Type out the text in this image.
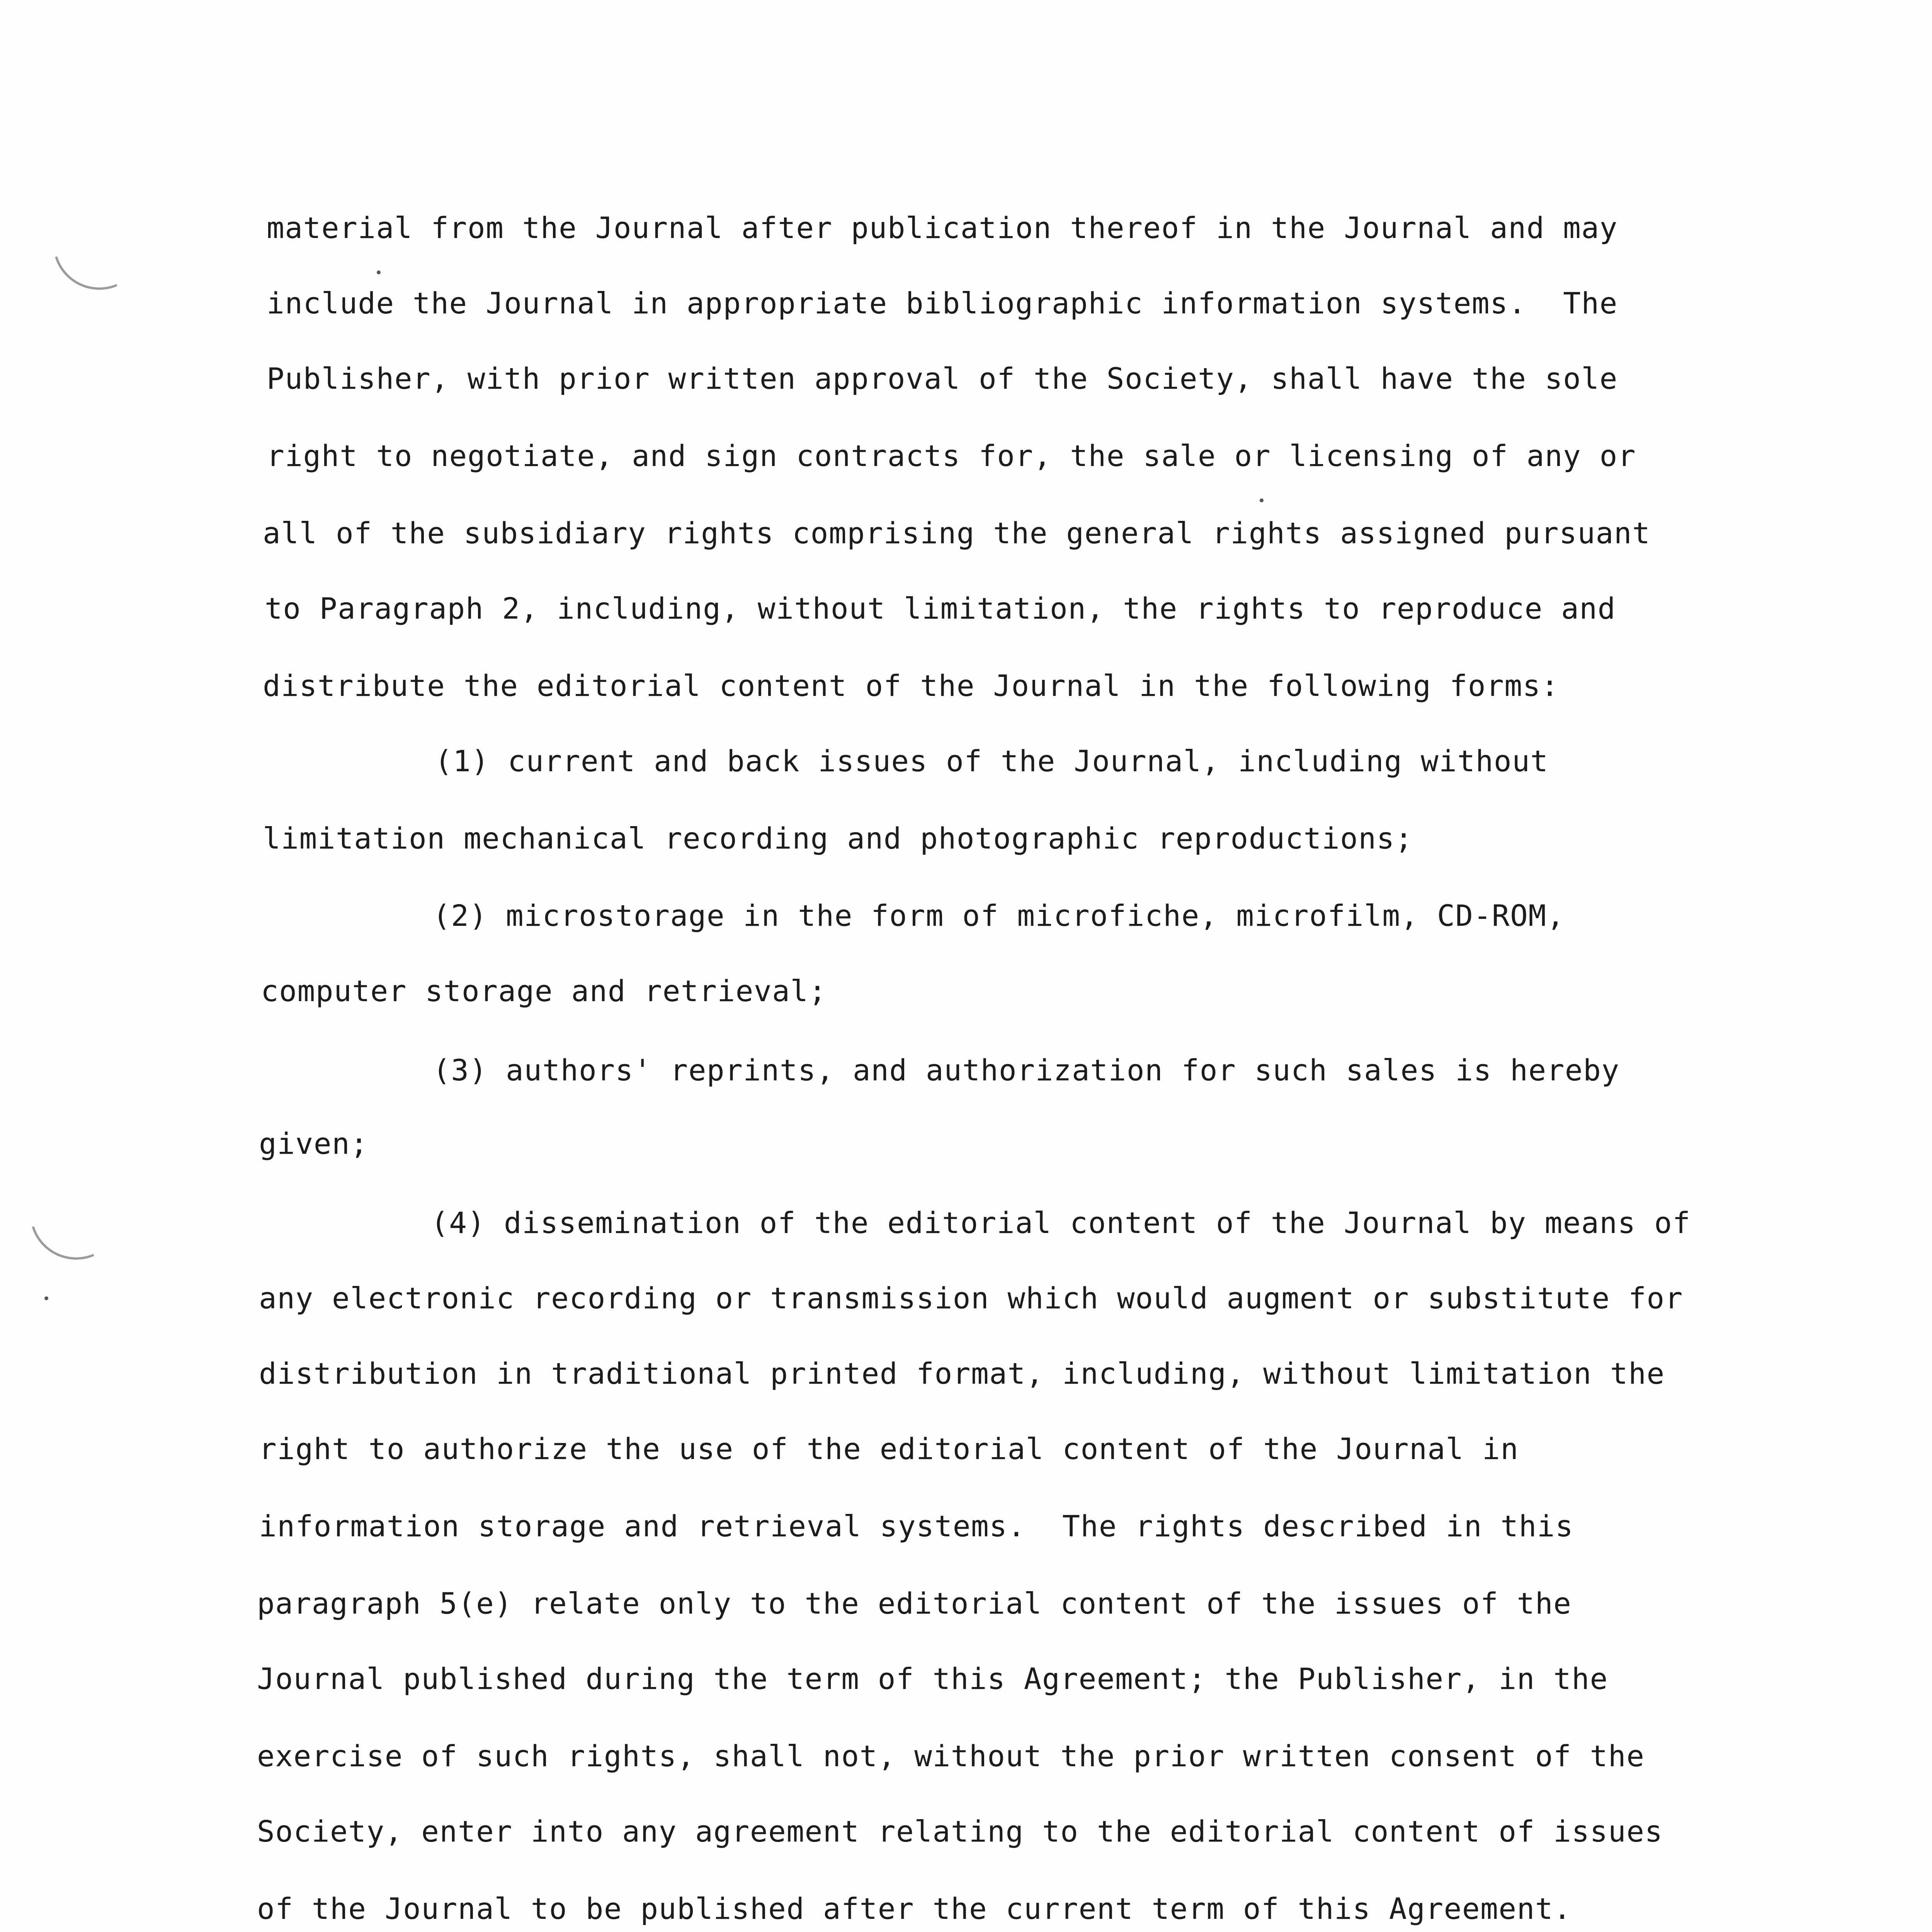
material from the Journal after publication thereof in the Journal and may
include the Journal in appropriate bibliographic information systems.  The
Publisher, with prior written approval of the Society, shall have the sole
right to negotiate, and sign contracts for, the sale or licensing of any or
all of the subsidiary rights comprising the general rights assigned pursuant
to Paragraph 2, including, without limitation, the rights to reproduce and
distribute the editorial content of the Journal in the following forms:
(1) current and back issues of the Journal, including without
limitation mechanical recording and photographic reproductions;
(2) microstorage in the form of microfiche, microfilm, CD-ROM,
computer storage and retrieval;
(3) authors' reprints, and authorization for such sales is hereby
given;
(4) dissemination of the editorial content of the Journal by means of
any electronic recording or transmission which would augment or substitute for
distribution in traditional printed format, including, without limitation the
right to authorize the use of the editorial content of the Journal in
information storage and retrieval systems.  The rights described in this
paragraph 5(e) relate only to the editorial content of the issues of the
Journal published during the term of this Agreement; the Publisher, in the
exercise of such rights, shall not, without the prior written consent of the
Society, enter into any agreement relating to the editorial content of issues
of the Journal to be published after the current term of this Agreement.
